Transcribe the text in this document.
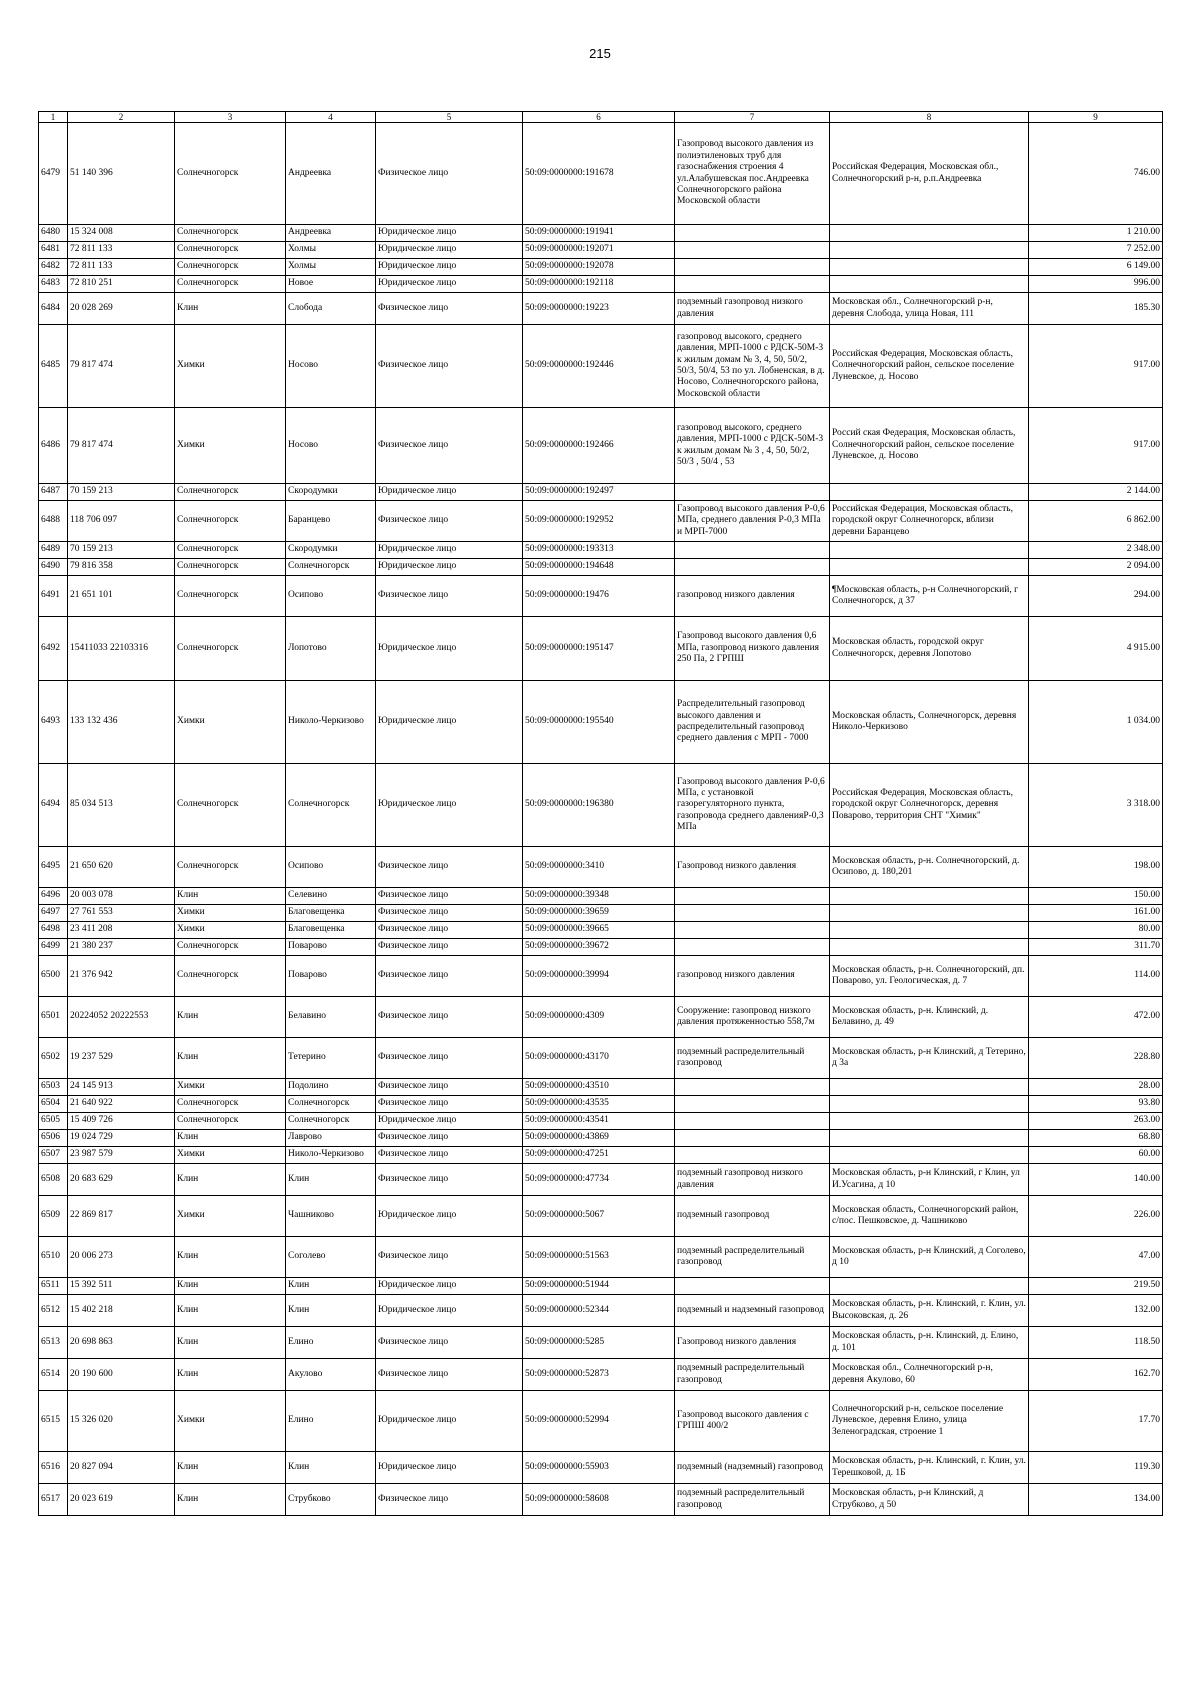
215
1	2	3	4	5	6	7	8	9
6479	51 140 396	Солнечногорск	Андреевка	Физическое лицо	50:09:0000000:191678	Газопровод высокого давления из полиэтиленовых труб для газоснабжения строения 4 ул.Алабушевская пос.Андреевка Солнечногорского района Московской области	Российская Федерация, Московская обл., Солнечногорский р-н, р.п.Андреевка	746.00
6480	15 324 008	Солнечногорск	Андреевка	Юридическое лицо	50:09:0000000:191941			1 210.00
6481	72 811 133	Солнечногорск	Холмы	Юридическое лицо	50:09:0000000:192071			7 252.00
6482	72 811 133	Солнечногорск	Холмы	Юридическое лицо	50:09:0000000:192078			6 149.00
6483	72 810 251	Солнечногорск	Новое	Юридическое лицо	50:09:0000000:192118			996.00
6484	20 028 269	Клин	Слобода	Физическое лицо	50:09:0000000:19223	подземный газопровод низкого давления	Московская обл., Солнечногорский р-н, деревня Слобода, улица Новая, 111	185.30
6485	79 817 474	Химки	Носово	Физическое лицо	50:09:0000000:192446	газопровод высокого, среднего давления, МРП-1000 с РДСК-50М-3 к жилым домам № 3, 4, 50, 50/2, 50/3, 50/4, 53 по ул. Лобненская, в д. Носово, Солнечногорского района, Московской области	Российская Федерация, Московская область, Солнечногорский район, сельское поселение Луневское, д. Носово	917.00
6486	79 817 474	Химки	Носово	Физическое лицо	50:09:0000000:192466	газопровод высокого, среднего давления, МРП-1000 с РДСК-50М-3 к жилым домам № 3 , 4, 50, 50/2, 50/3 , 50/4 , 53	Россий ская Федерация, Московская область, Солнечногорский район, сельское поселение Луневское, д. Носово	917.00
6487	70 159 213	Солнечногорск	Скородумки	Юридическое лицо	50:09:0000000:192497			2 144.00
6488	118 706 097	Солнечногорск	Баранцево	Физическое лицо	50:09:0000000:192952	Газопровод высокого давления Р-0,6 МПа, среднего давления Р-0,3 МПа и МРП-7000	Российская Федерация, Московская область, городской округ Солнечногорск, вблизи деревни Баранцево	6 862.00
6489	70 159 213	Солнечногорск	Скородумки	Юридическое лицо	50:09:0000000:193313			2 348.00
6490	79 816 358	Солнечногорск	Солнечногорск	Юридическое лицо	50:09:0000000:194648			2 094.00
6491	21 651 101	Солнечногорск	Осипово	Физическое лицо	50:09:0000000:19476	газопровод низкого давления	¶Московская область, р-н Солнечногорский, г Солнечногорск, д 37	294.00
6492	15411033 22103316	Солнечногорск	Лопотово	Юридическое лицо	50:09:0000000:195147	Газопровод высокого давления 0,6 МПа, газопровод низкого давления 250 Па, 2 ГРПШ	Московская область, городской округ Солнечногорск, деревня Лопотово	4 915.00
6493	133 132 436	Химки	Николо-Черкизово	Юридическое лицо	50:09:0000000:195540	Распределительный газопровод высокого давления и распределительный газопровод среднего давления с МРП - 7000	Московская область, Солнечногорск, деревня Николо-Черкизово	1 034.00
6494	85 034 513	Солнечногорск	Солнечногорск	Юридическое лицо	50:09:0000000:196380	Газопровод высокого давления Р-0,6 МПа, с установкой газорегуляторного пункта, газопровода среднего давленияР-0,3 МПа	Российская Федерация, Московская область, городской округ Солнечногорск, деревня Поварово, территория СНТ "Химик"	3 318.00
6495	21 650 620	Солнечногорск	Осипово	Физическое лицо	50:09:0000000:3410	Газопровод низкого давления	Московская область, р-н. Солнечногорский, д. Осипово, д. 180,201	198.00
6496	20 003 078	Клин	Селевино	Физическое лицо	50:09:0000000:39348			150.00
6497	27 761 553	Химки	Благовещенка	Физическое лицо	50:09:0000000:39659			161.00
6498	23 411 208	Химки	Благовещенка	Физическое лицо	50:09:0000000:39665			80.00
6499	21 380 237	Солнечногорск	Поварово	Физическое лицо	50:09:0000000:39672			311.70
6500	21 376 942	Солнечногорск	Поварово	Физическое лицо	50:09:0000000:39994	газопровод низкого давления	Московская область, р-н. Солнечногорский, дп. Поварово, ул. Геологическая, д. 7	114.00
6501	20224052 20222553	Клин	Белавино	Физическое лицо	50:09:0000000:4309	Сооружение: газопровод низкого давления протяженностью 558,7м	Московская область, р-н. Клинский, д. Белавино, д. 49	472.00
6502	19 237 529	Клин	Тетерино	Физическое лицо	50:09:0000000:43170	подземный распределительный газопровод	Московская область, р-н Клинский, д Тетерино, д 3а	228.80
6503	24 145 913	Химки	Подолино	Физическое лицо	50:09:0000000:43510			28.00
6504	21 640 922	Солнечногорск	Солнечногорск	Физическое лицо	50:09:0000000:43535			93.80
6505	15 409 726	Солнечногорск	Солнечногорск	Юридическое лицо	50:09:0000000:43541			263.00
6506	19 024 729	Клин	Лаврово	Физическое лицо	50:09:0000000:43869			68.80
6507	23 987 579	Химки	Николо-Черкизово	Физическое лицо	50:09:0000000:47251			60.00
6508	20 683 629	Клин	Клин	Физическое лицо	50:09:0000000:47734	подземный газопровод низкого давления	Московская область, р-н Клинский, г Клин, ул И.Усагина, д 10	140.00
6509	22 869 817	Химки	Чашниково	Юридическое лицо	50:09:0000000:5067	подземный газопровод	Московская область, Солнечногорский район, с/пос. Пешковское, д. Чашниково	226.00
6510	20 006 273	Клин	Соголево	Физическое лицо	50:09:0000000:51563	подземный распределительный газопровод	Московская область, р-н Клинский, д Соголево, д 10	47.00
6511	15 392 511	Клин	Клин	Юридическое лицо	50:09:0000000:51944			219.50
6512	15 402 218	Клин	Клин	Юридическое лицо	50:09:0000000:52344	подземный и надземный газопровод	Московская область, р-н. Клинский, г. Клин, ул. Высоковская, д. 26	132.00
6513	20 698 863	Клин	Елино	Физическое лицо	50:09:0000000:5285	Газопровод низкого давления	Московская область, р-н. Клинский, д. Елино, д. 101	118.50
6514	20 190 600	Клин	Акулово	Физическое лицо	50:09:0000000:52873	подземный распределительный газопровод	Московская обл., Солнечногорский р-н, деревня Акулово, 60	162.70
6515	15 326 020	Химки	Елино	Юридическое лицо	50:09:0000000:52994	Газопровод высокого давления с ГРПШ 400/2	Солнечногорский р-н, сельское поселение Луневское, деревня Елино, улица Зеленоградская, строение 1	17.70
6516	20 827 094	Клин	Клин	Юридическое лицо	50:09:0000000:55903	подземный (надземный) газопровод	Московская область, р-н. Клинский, г. Клин, ул. Терешковой, д. 1Б	119.30
6517	20 023 619	Клин	Струбково	Физическое лицо	50:09:0000000:58608	подземный распределительный газопровод	Московская область, р-н Клинский, д Струбково, д 50	134.00
